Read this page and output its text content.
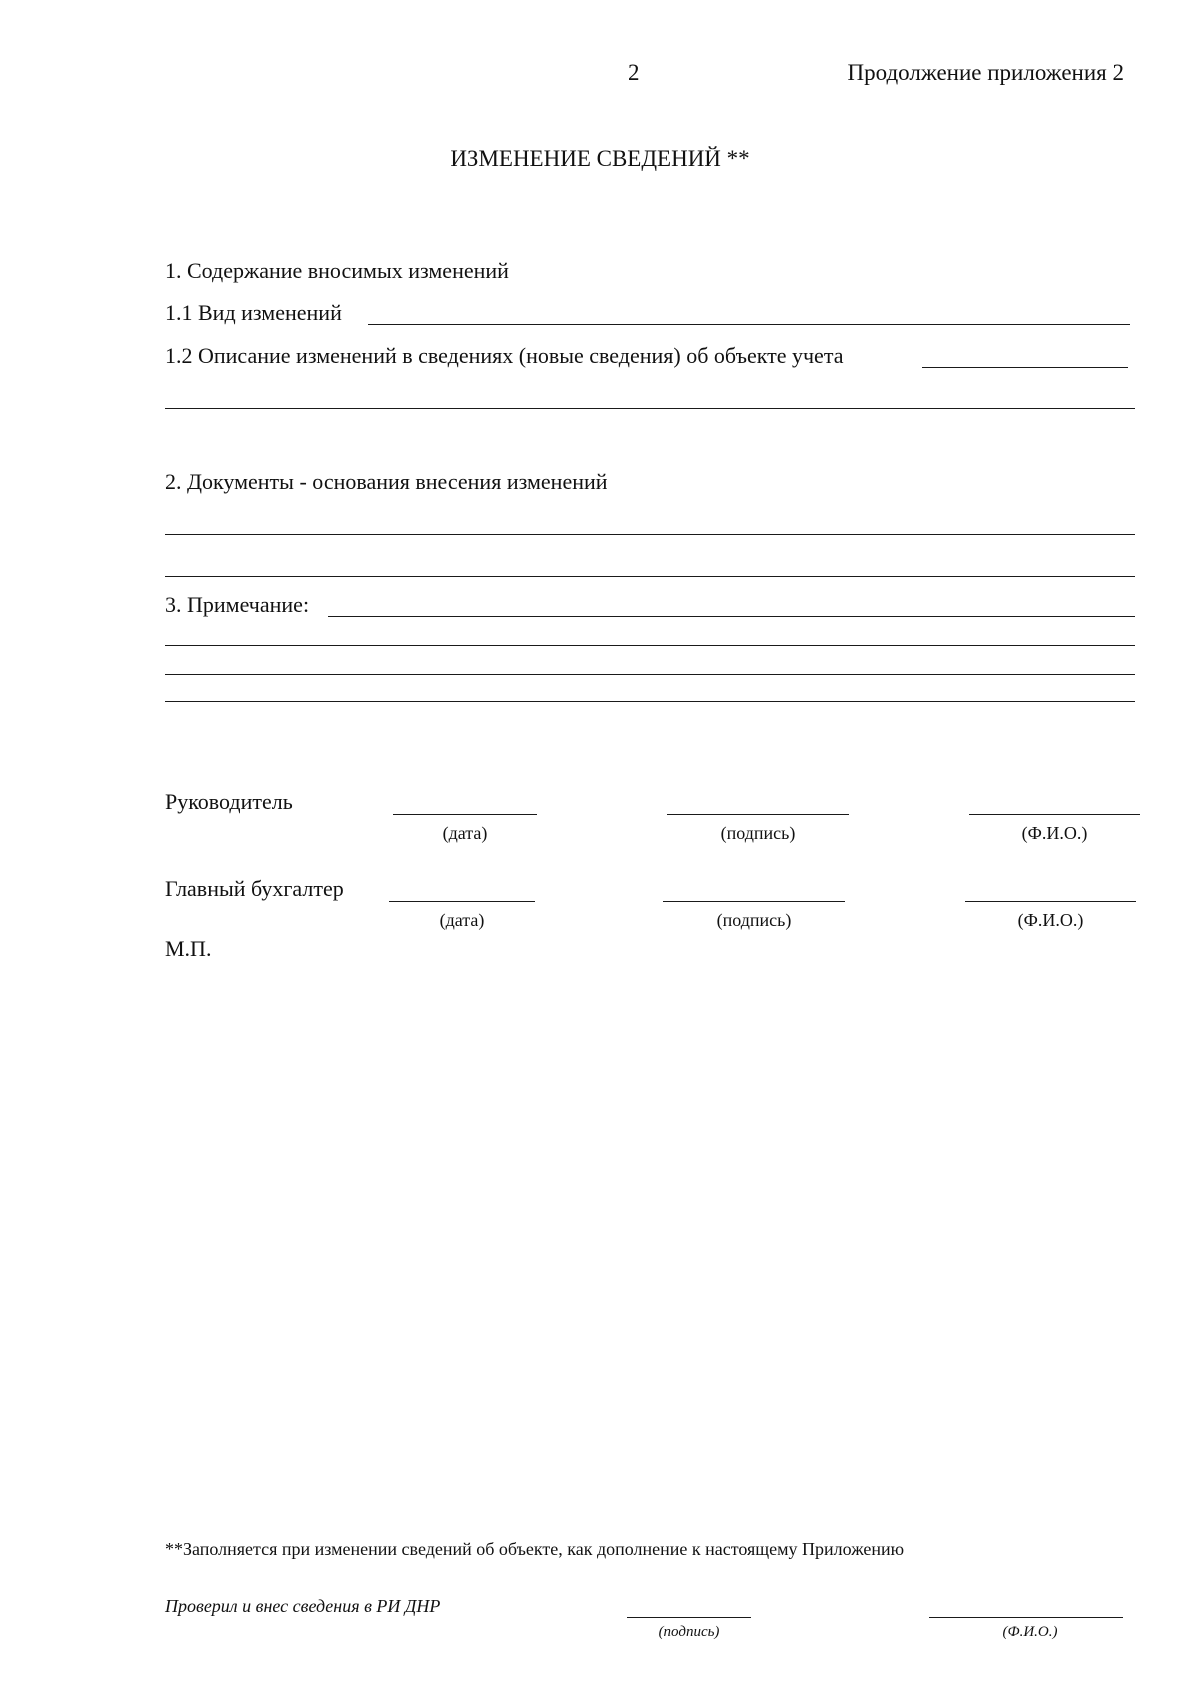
2	Продолжение приложения 2
ИЗМЕНЕНИЕ СВЕДЕНИЙ **
1. Содержание вносимых изменений
1.1 Вид изменений
1.2 Описание изменений в сведениях (новые сведения) об объекте учета
2. Документы - основания внесения изменений
3. Примечание:
Руководитель
(дата)	(подпись)	(Ф.И.О.)
Главный бухгалтер
(дата)	(подпись)	(Ф.И.О.)
М.П.
**Заполняется при изменении сведений об объекте, как дополнение к настоящему Приложению
Проверил и внес сведения в РИ ДНР
(подпись)	(Ф.И.О.)
